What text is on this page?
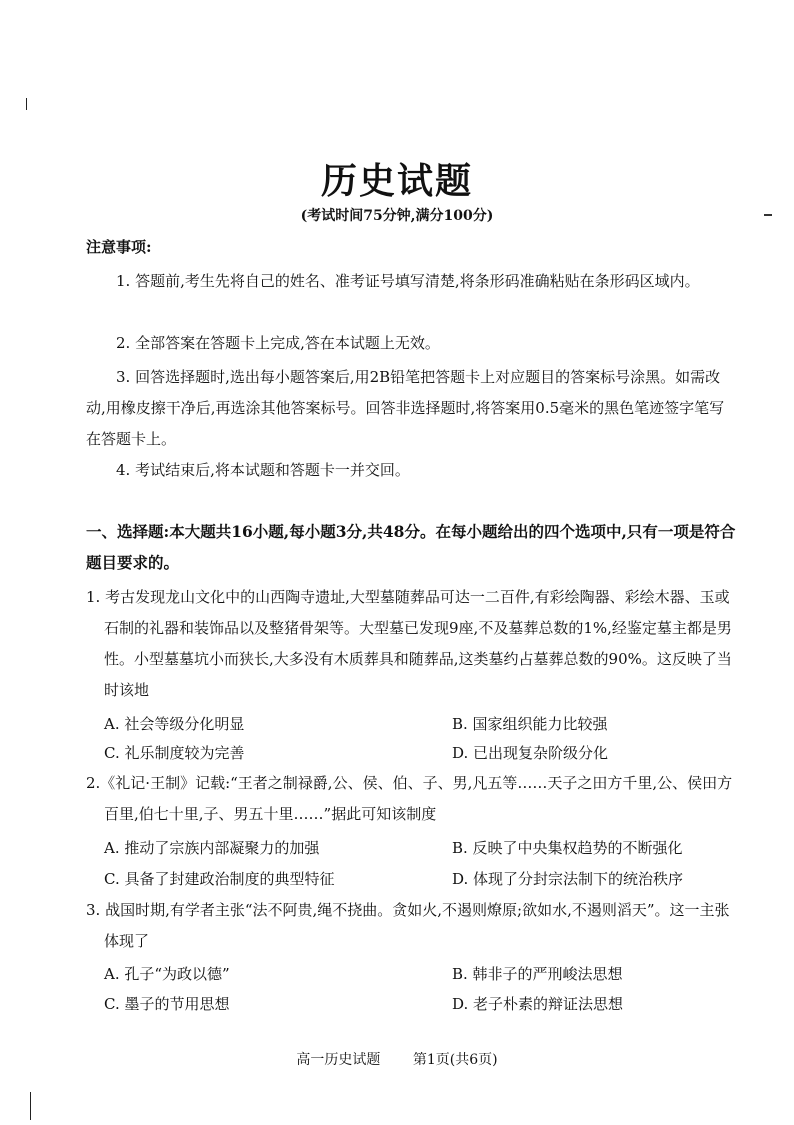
历史试题
(考试时间75分钟,满分100分)
注意事项:
1. 答题前,考生先将自己的姓名、准考证号填写清楚,将条形码准确粘贴在条形码区域内。
2. 全部答案在答题卡上完成,答在本试题上无效。
3. 回答选择题时,选出每小题答案后,用2B铅笔把答题卡上对应题目的答案标号涂黑。如需改动,用橡皮擦干净后,再选涂其他答案标号。回答非选择题时,将答案用0.5毫米的黑色笔迹签字笔写在答题卡上。
4. 考试结束后,将本试题和答题卡一并交回。
一、选择题:本大题共16小题,每小题3分,共48分。在每小题给出的四个选项中,只有一项是符合题目要求的。
1. 考古发现龙山文化中的山西陶寺遗址,大型墓随葬品可达一二百件,有彩绘陶器、彩绘木器、玉或石制的礼器和装饰品以及整猪骨架等。大型墓已发现9座,不及墓葬总数的1%,经鉴定墓主都是男性。小型墓墓坑小而狭长,大多没有木质葬具和随葬品,这类墓约占墓葬总数的90%。这反映了当时该地
A. 社会等级分化明显	B. 国家组织能力比较强
C. 礼乐制度较为完善	D. 已出现复杂阶级分化
2.《礼记·王制》记载:“王者之制禄爵,公、侯、伯、子、男,凡五等……天子之田方千里,公、侯田方百里,伯七十里,子、男五十里……”据此可知该制度
A. 推动了宗族内部凝聚力的加强	B. 反映了中央集权趋势的不断强化
C. 具备了封建政治制度的典型特征	D. 体现了分封宗法制下的统治秩序
3. 战国时期,有学者主张“法不阿贵,绳不挠曲。贪如火,不遏则燎原;欲如水,不遏则滔天”。这一主张体现了
A. 孔子“为政以德”	B. 韩非子的严刑峻法思想
C. 墨子的节用思想	D. 老子朴素的辩证法思想
高一历史试题 第1页(共6页)
